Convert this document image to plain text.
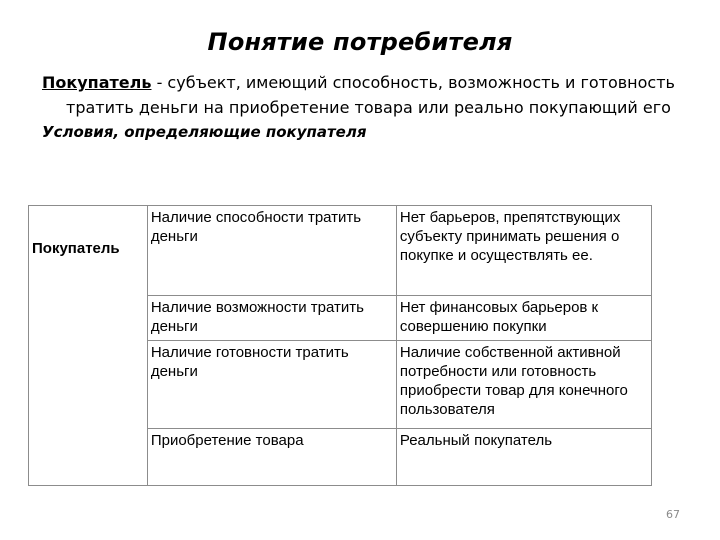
Понятие потребителя
Покупатель - субъект, имеющий способность, возможность и готовность
тратить деньги на приобретение товара или реально покупающий его
Условия, определяющие покупателя
Покупатель	Наличие способности тратить деньги	Нет барьеров, препятствующих субъекту принимать решения о покупке и осуществлять ее.
	Наличие возможности тратить деньги	Нет финансовых барьеров к совершению покупки
	Наличие готовности тратить деньги	Наличие собственной активной потребности или готовность приобрести товар для конечного пользователя
	Приобретение товара	Реальный покупатель
67
